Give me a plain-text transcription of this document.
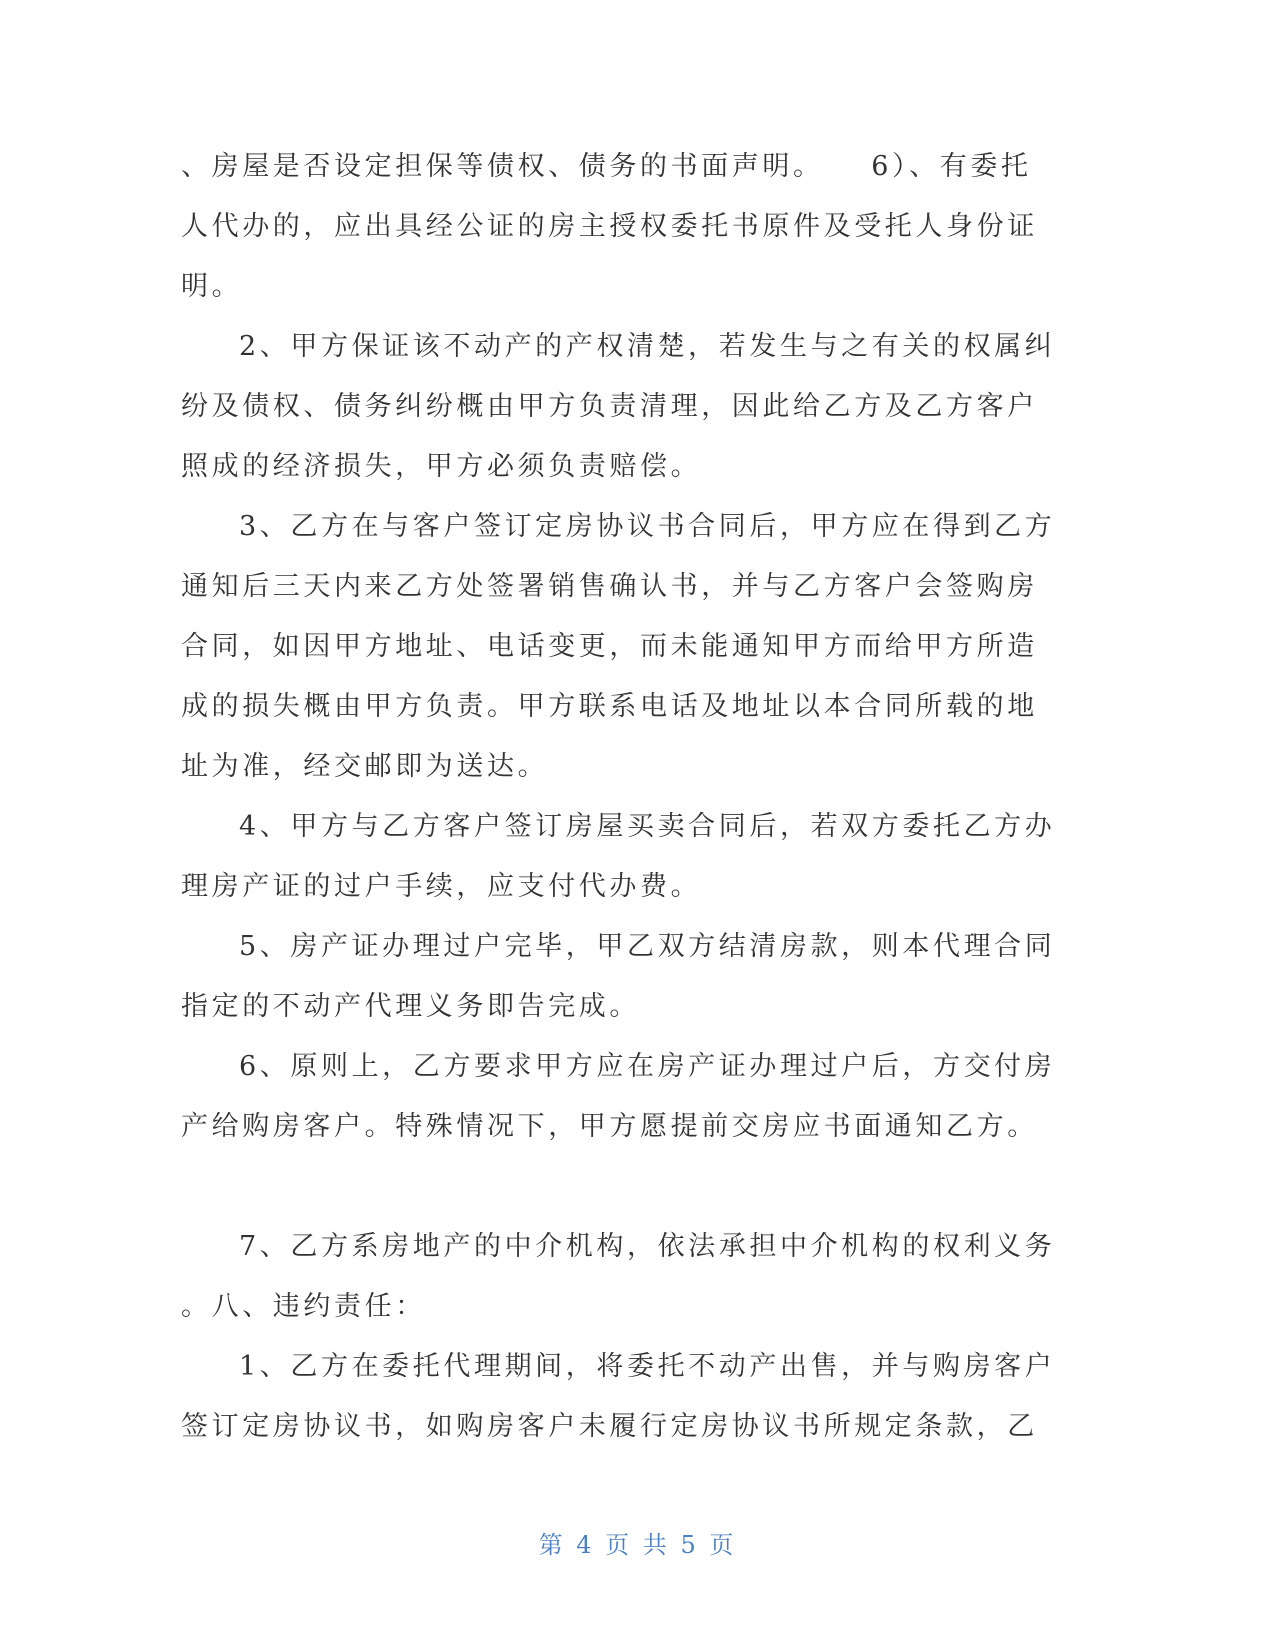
、房屋是否设定担保等债权、债务的书面声明。　　6）、有委托
人代办的，应出具经公证的房主授权委托书原件及受托人身份证
明。
2、甲方保证该不动产的产权清楚，若发生与之有关的权属纠
纷及债权、债务纠纷概由甲方负责清理，因此给乙方及乙方客户
照成的经济损失，甲方必须负责赔偿。
3、乙方在与客户签订定房协议书合同后，甲方应在得到乙方
通知后三天内来乙方处签署销售确认书，并与乙方客户会签购房
合同，如因甲方地址、电话变更，而未能通知甲方而给甲方所造
成的损失概由甲方负责。甲方联系电话及地址以本合同所载的地
址为准，经交邮即为送达。
4、甲方与乙方客户签订房屋买卖合同后，若双方委托乙方办
理房产证的过户手续，应支付代办费。
5、房产证办理过户完毕，甲乙双方结清房款，则本代理合同
指定的不动产代理义务即告完成。
6、原则上，乙方要求甲方应在房产证办理过户后，方交付房
产给购房客户。特殊情况下，甲方愿提前交房应书面通知乙方。
7、乙方系房地产的中介机构，依法承担中介机构的权利义务
。八、违约责任：
1、乙方在委托代理期间，将委托不动产出售，并与购房客户
签订定房协议书，如购房客户未履行定房协议书所规定条款，乙
第 4 页 共 5 页
